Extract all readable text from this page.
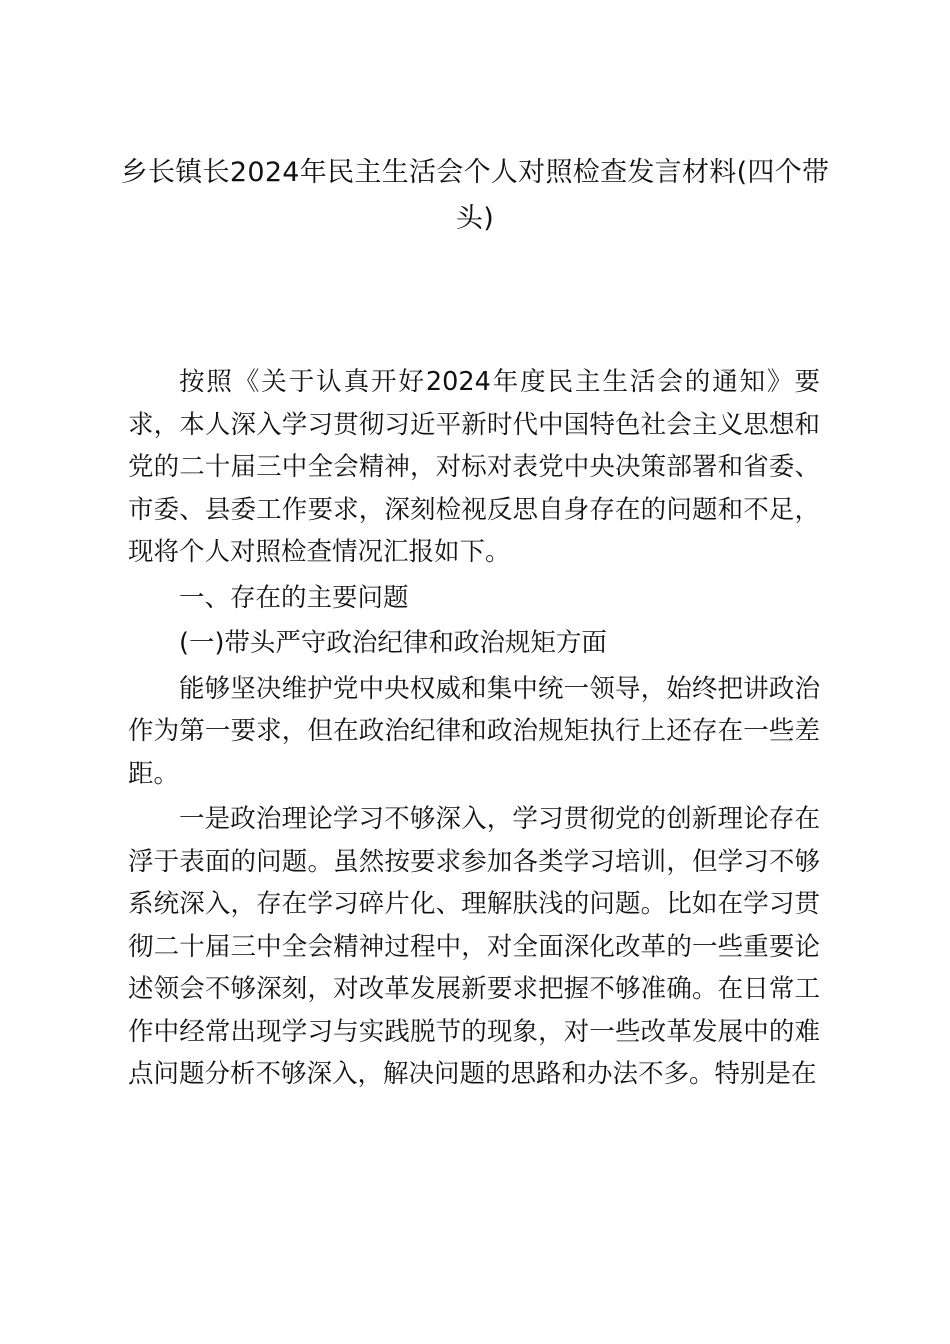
乡长镇长2024年民主生活会个人对照检查发言材料(四个带头)

按照《关于认真开好2024年度民主生活会的通知》要求，本人深入学习贯彻习近平新时代中国特色社会主义思想和党的二十届三中全会精神，对标对表党中央决策部署和省委、市委、县委工作要求，深刻检视反思自身存在的问题和不足，现将个人对照检查情况汇报如下。

一、存在的主要问题

(一)带头严守政治纪律和政治规矩方面

能够坚决维护党中央权威和集中统一领导，始终把讲政治作为第一要求，但在政治纪律和政治规矩执行上还存在一些差距。

一是政治理论学习不够深入，学习贯彻党的创新理论存在浮于表面的问题。虽然按要求参加各类学习培训，但学习不够系统深入，存在学习碎片化、理解肤浅的问题。比如在学习贯彻二十届三中全会精神过程中，对全面深化改革的一些重要论述领会不够深刻，对改革发展新要求把握不够准确。在日常工作中经常出现学习与实践脱节的现象，对一些改革发展中的难点问题分析不够深入，解决问题的思路和办法不多。特别是在
